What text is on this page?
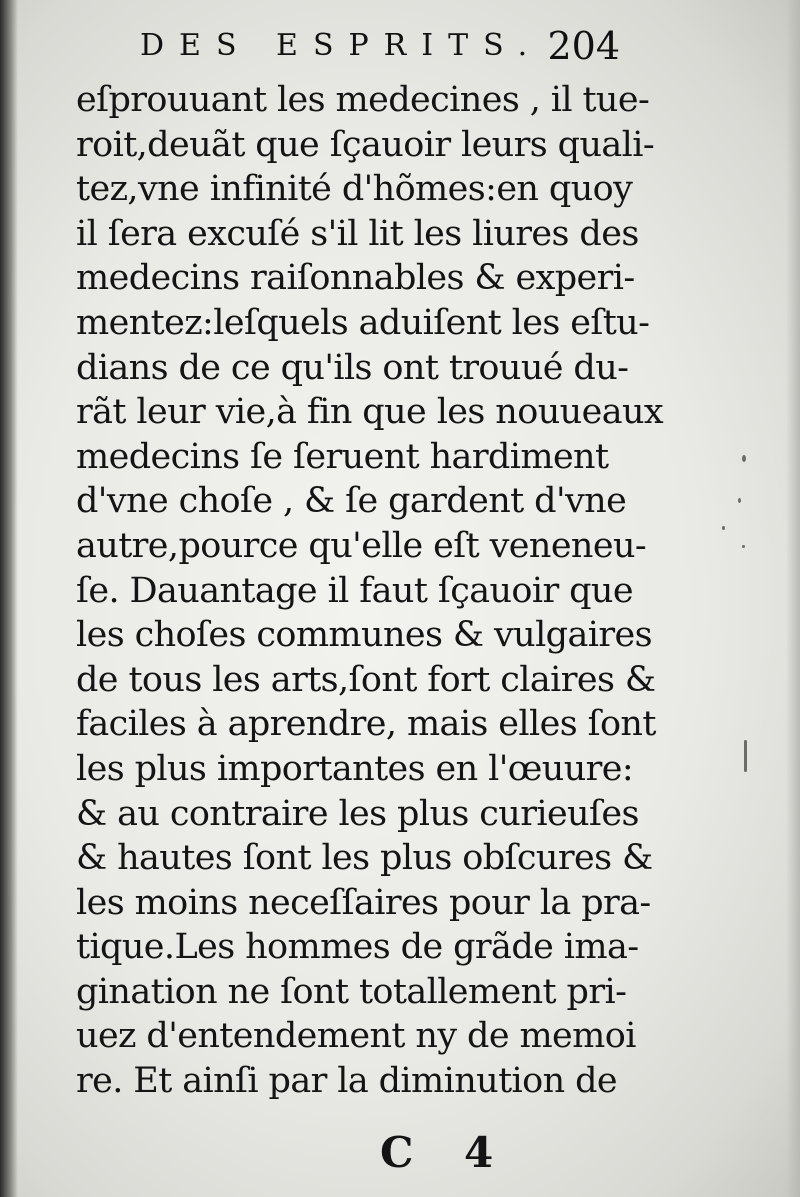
DES ESPRITS. 204
eſprouuant les medecines , il tue-
roit,deuãt que ſçauoir leurs quali-
tez,vne infinité d'hõmes:en quoy
il ſera excuſé s'il lit les liures des
medecins raiſonnables & experi-
mentez:leſquels aduiſent les eſtu-
dians de ce qu'ils ont trouué du-
rãt leur vie,à fin que les nouueaux
medecins ſe ſeruent hardiment
d'vne choſe , & ſe gardent d'vne
autre,pource qu'elle eſt veneneu-
ſe. Dauantage il faut ſçauoir que
les choſes communes & vulgaires
de tous les arts,ſont fort claires &
faciles à aprendre, mais elles ſont
les plus importantes en l'œuure:
& au contraire les plus curieuſes
& hautes ſont les plus obſcures &
les moins neceſſaires pour la pra-
tique.Les hommes de grãde ima-
gination ne ſont totallement pri-
uez d'entendement ny de memoi
re. Et ainſi par la diminution de
C 4
